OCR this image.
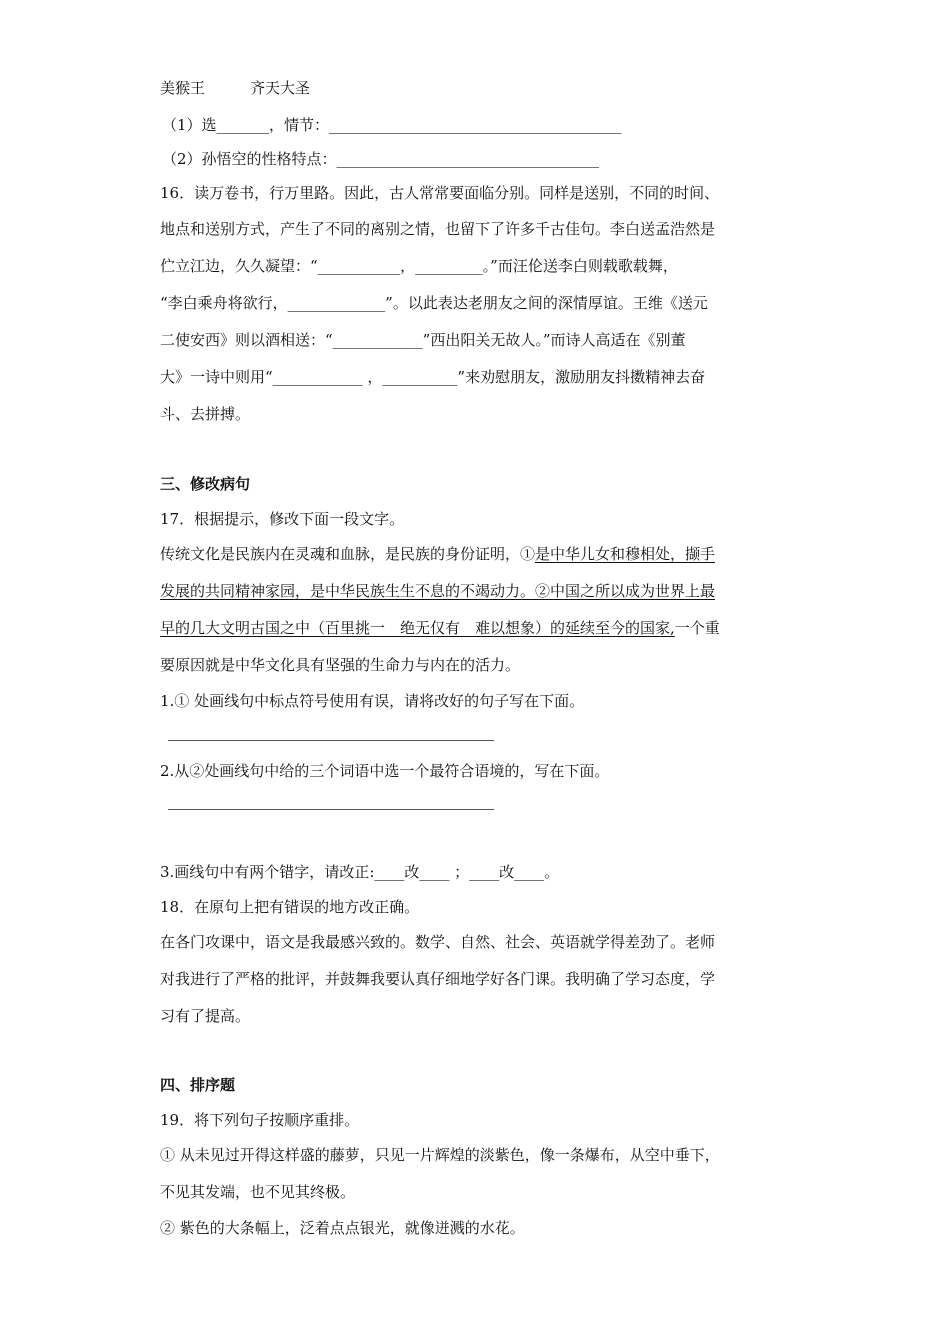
美猴王　　　齐天大圣
（1）选_______，情节：_______________________________________
（2）孙悟空的性格特点：___________________________________
16．读万卷书，行万里路。因此，古人常常要面临分别。同样是送别，不同的时间、
地点和送别方式，产生了不同的离别之情，也留下了许多千古佳句。李白送孟浩然是
伫立江边，久久凝望：“___________，_________。”而汪伦送李白则载歌载舞，
“李白乘舟将欲行，_____________”。以此表达老朋友之间的深情厚谊。王维《送元
二使安西》则以酒相送：“____________”西出阳关无故人。”而诗人高适在《别董
大》一诗中则用“____________ ，__________”来劝慰朋友，激励朋友抖擞精神去奋
斗、去拼搏。
三、修改病句
17．根据提示，修改下面一段文字。
传统文化是民族内在灵魂和血脉，是民族的身份证明，①是中华儿女和穆相处，撷手
发展的共同精神家园，是中华民族生生不息的不竭动力。②中国之所以成为世界上最
早的几大文明古国之中（百里挑一　绝无仅有　难以想象）的延续至今的国家,一个重
要原因就是中华文化具有坚强的生命力与内在的活力。
1.① 处画线句中标点符号使用有误，请将改好的句子写在下面。
2.从②处画线句中给的三个词语中选一个最符合语境的，写在下面。
3.画线句中有两个错字，请改正:____改____ ；____改____。
18．在原句上把有错误的地方改正确。
在各门攻课中，语文是我最感兴致的。数学、自然、社会、英语就学得差劲了。老师
对我进行了严格的批评，并鼓舞我要认真仔细地学好各门课。我明确了学习态度，学
习有了提高。
四、排序题
19．将下列句子按顺序重排。
① 从未见过开得这样盛的藤萝，只见一片辉煌的淡紫色，像一条爆布，从空中垂下，
不见其发端，也不见其终极。
② 紫色的大条幅上，泛着点点银光，就像迸溅的水花。
